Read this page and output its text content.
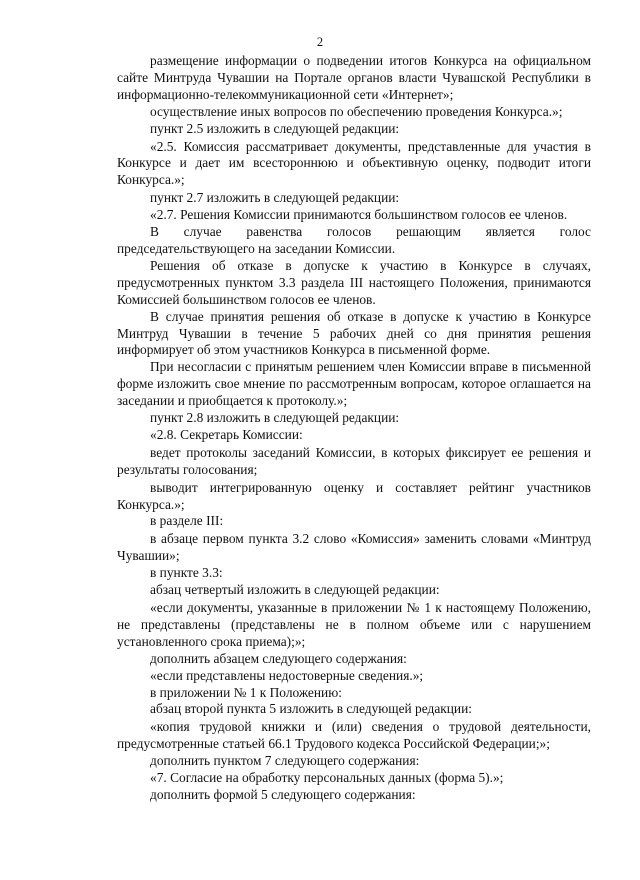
2

размещение информации о подведении итогов Конкурса на официальном сайте Минтруда Чувашии на Портале органов власти Чувашской Республики в информационно-телекоммуникационной сети «Интернет»;

осуществление иных вопросов по обеспечению проведения Конкурса.»;

пункт 2.5 изложить в следующей редакции:

«2.5. Комиссия рассматривает документы, представленные для участия в Конкурсе и дает им всестороннюю и объективную оценку, подводит итоги Конкурса.»;

пункт 2.7 изложить в следующей редакции:

«2.7. Решения Комиссии принимаются большинством голосов ее членов.

В случае равенства голосов решающим является голос председательствующего на заседании Комиссии.

Решения об отказе в допуске к участию в Конкурсе в случаях, предусмотренных пунктом 3.3 раздела III настоящего Положения, принимаются Комиссией большинством голосов ее членов.

В случае принятия решения об отказе в допуске к участию в Конкурсе Минтруд Чувашии в течение 5 рабочих дней со дня принятия решения информирует об этом участников Конкурса в письменной форме.

При несогласии с принятым решением член Комиссии вправе в письменной форме изложить свое мнение по рассмотренным вопросам, которое оглашается на заседании и приобщается к протоколу.»;

пункт 2.8 изложить в следующей редакции:

«2.8. Секретарь Комиссии:

ведет протоколы заседаний Комиссии, в которых фиксирует ее решения и результаты голосования;

выводит интегрированную оценку и составляет рейтинг участников Конкурса.»;

в разделе III:

в абзаце первом пункта 3.2 слово «Комиссия» заменить словами «Минтруд Чувашии»;

в пункте 3.3:

абзац четвертый изложить в следующей редакции:

«если документы, указанные в приложении № 1 к настоящему Положению, не представлены (представлены не в полном объеме или с нарушением установленного срока приема);»;

дополнить абзацем следующего содержания:

«если представлены недостоверные сведения.»;

в приложении № 1 к Положению:

абзац второй пункта 5 изложить в следующей редакции:

«копия трудовой книжки и (или) сведения о трудовой деятельности, предусмотренные статьей 66.1 Трудового кодекса Российской Федерации;»;

дополнить пунктом 7 следующего содержания:

«7. Согласие на обработку персональных данных (форма 5).»;

дополнить формой 5 следующего содержания:
